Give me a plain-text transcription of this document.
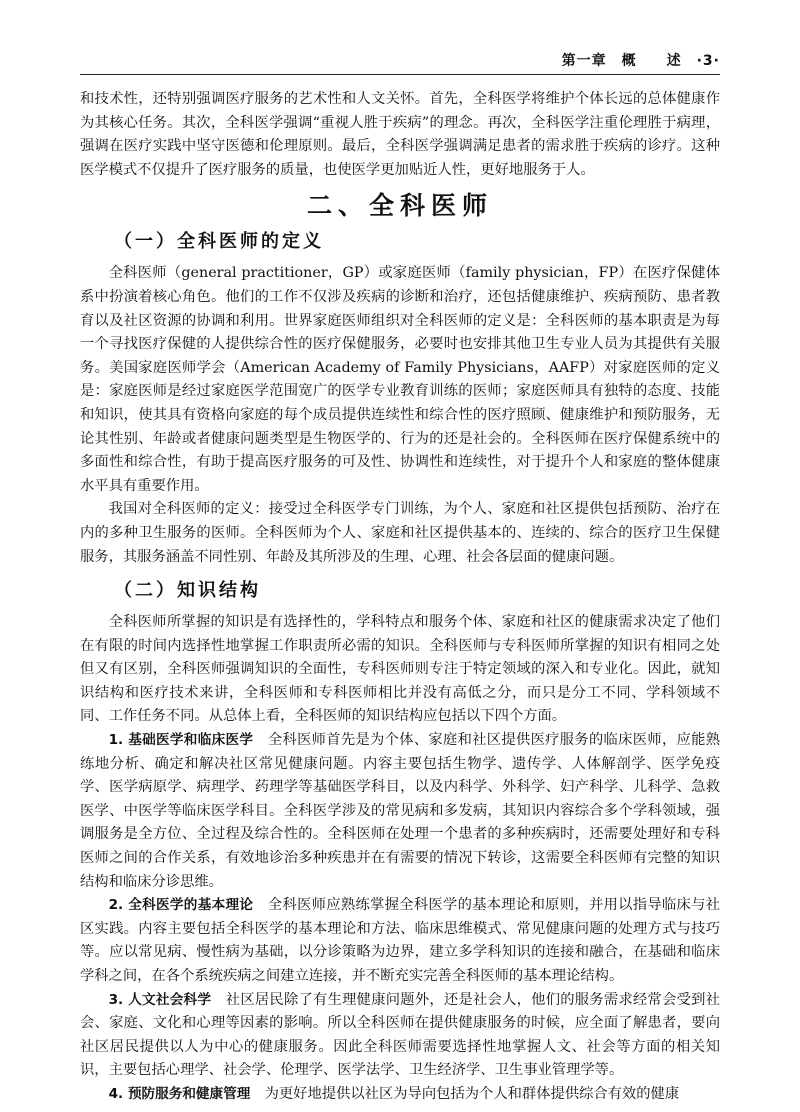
第一章　概　　述　·3·

和技术性，还特别强调医疗服务的艺术性和人文关怀。首先，全科医学将维护个体长远的总体健康作为其核心任务。其次，全科医学强调“重视人胜于疾病”的理念。再次，全科医学注重伦理胜于病理，强调在医疗实践中坚守医德和伦理原则。最后，全科医学强调满足患者的需求胜于疾病的诊疗。这种医学模式不仅提升了医疗服务的质量，也使医学更加贴近人性，更好地服务于人。

二、全科医师
（一）全科医师的定义

全科医师（general practitioner，GP）或家庭医师（family physician，FP）在医疗保健体系中扮演着核心角色。他们的工作不仅涉及疾病的诊断和治疗，还包括健康维护、疾病预防、患者教育以及社区资源的协调和利用。世界家庭医师组织对全科医师的定义是：全科医师的基本职责是为每一个寻找医疗保健的人提供综合性的医疗保健服务，必要时也安排其他卫生专业人员为其提供有关服务。美国家庭医师学会（American Academy of Family Physicians，AAFP）对家庭医师的定义是：家庭医师是经过家庭医学范围宽广的医学专业教育训练的医师；家庭医师具有独特的态度、技能和知识，使其具有资格向家庭的每个成员提供连续性和综合性的医疗照顾、健康维护和预防服务，无论其性别、年龄或者健康问题类型是生物医学的、行为的还是社会的。全科医师在医疗保健系统中的多面性和综合性，有助于提高医疗服务的可及性、协调性和连续性，对于提升个人和家庭的整体健康水平具有重要作用。

我国对全科医师的定义：接受过全科医学专门训练，为个人、家庭和社区提供包括预防、治疗在内的多种卫生服务的医师。全科医师为个人、家庭和社区提供基本的、连续的、综合的医疗卫生保健服务，其服务涵盖不同性别、年龄及其所涉及的生理、心理、社会各层面的健康问题。

（二）知识结构

全科医师所掌握的知识是有选择性的，学科特点和服务个体、家庭和社区的健康需求决定了他们在有限的时间内选择性地掌握工作职责所必需的知识。全科医师与专科医师所掌握的知识有相同之处但又有区别，全科医师强调知识的全面性，专科医师则专注于特定领域的深入和专业化。因此，就知识结构和医疗技术来讲，全科医师和专科医师相比并没有高低之分，而只是分工不同、学科领域不同、工作任务不同。从总体上看，全科医师的知识结构应包括以下四个方面。

1. 基础医学和临床医学　 全科医师首先是为个体、家庭和社区提供医疗服务的临床医师，应能熟练地分析、确定和解决社区常见健康问题。内容主要包括生物学、遗传学、人体解剖学、医学免疫学、医学病原学、病理学、药理学等基础医学科目，以及内科学、外科学、妇产科学、儿科学、急救医学、中医学等临床医学科目。全科医学涉及的常见病和多发病，其知识内容综合多个学科领域，强调服务是全方位、全过程及综合性的。全科医师在处理一个患者的多种疾病时，还需要处理好和专科医师之间的合作关系，有效地诊治多种疾患并在有需要的情况下转诊，这需要全科医师有完整的知识结构和临床分诊思维。

2. 全科医学的基本理论　 全科医师应熟练掌握全科医学的基本理论和原则，并用以指导临床与社区实践。内容主要包括全科医学的基本理论和方法、临床思维模式、常见健康问题的处理方式与技巧等。应以常见病、慢性病为基础，以分诊策略为边界，建立多学科知识的连接和融合，在基础和临床学科之间，在各个系统疾病之间建立连接，并不断充实完善全科医师的基本理论结构。

3. 人文社会科学　 社区居民除了有生理健康问题外，还是社会人，他们的服务需求经常会受到社会、家庭、文化和心理等因素的影响。所以全科医师在提供健康服务的时候，应全面了解患者，要向社区居民提供以人为中心的健康服务。因此全科医师需要选择性地掌握人文、社会等方面的相关知识，主要包括心理学、社会学、伦理学、医学法学、卫生经济学、卫生事业管理学等。

4. 预防服务和健康管理　 为更好地提供以社区为导向包括为个人和群体提供综合有效的健康
